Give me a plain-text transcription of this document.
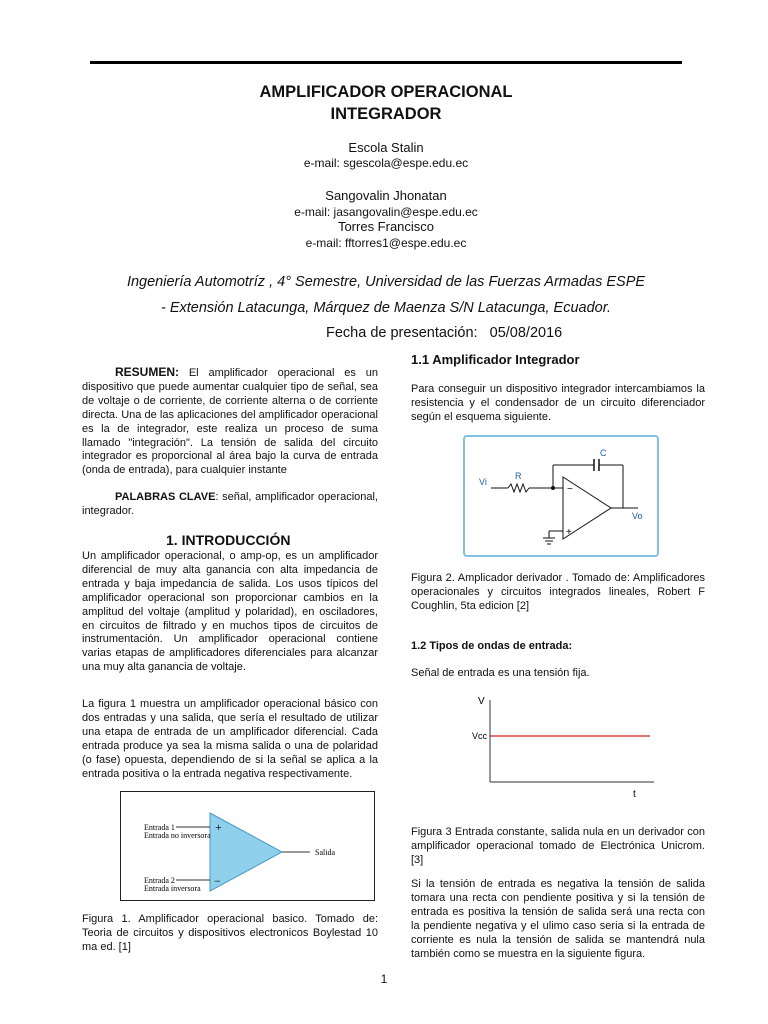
AMPLIFICADOR OPERACIONAL
INTEGRADOR
Escola Stalin
e-mail: sgescola@espe.edu.ec
Sangovalin Jhonatan
e-mail: jasangovalin@espe.edu.ec
Torres Francisco
e-mail: fftorres1@espe.edu.ec
Ingeniería Automotríz , 4° Semestre, Universidad de las Fuerzas Armadas ESPE
- Extensión Latacunga, Márquez de Maenza S/N Latacunga, Ecuador.
Fecha de presentación:   05/08/2016

RESUMEN: El amplificador operacional es un dispositivo que puede aumentar cualquier tipo de señal, sea de voltaje o de corriente, de corriente alterna o de corriente directa. Una de las aplicaciones del amplificador operacional es la de integrador, este realiza un proceso de suma llamado "integración". La tensión de salida del circuito integrador es proporcional al área bajo la curva de entrada (onda de entrada), para cualquier instante

PALABRAS CLAVE: señal, amplificador operacional, integrador.

1. INTRODUCCIÓN

Un amplificador operacional, o amp-op, es un amplificador diferencial de muy alta ganancia con alta impedancia de entrada y baja impedancia de salida. Los usos típicos del amplificador operacional son proporcionar cambios en la amplitud del voltaje (amplitud y polaridad), en osciladores, en circuitos de filtrado y en muchos tipos de circuitos de instrumentación. Un amplificador operacional contiene varias etapas de amplificadores diferenciales para alcanzar una muy alta ganancia de voltaje.

La figura 1 muestra un amplificador operacional básico con dos entradas y una salida, que sería el resultado de utilizar una etapa de entrada de un amplificador diferencial. Cada entrada produce ya sea la misma salida o una de polaridad (o fase) opuesta, dependiendo de si la señal se aplica a la entrada positiva o la entrada negativa respectivamente.

+
−
Entrada 1
Entrada no inversora
Entrada 2
Entrada inversora
Salida

Figura 1. Amplificador operacional basico. Tomado de: Teoria de circuitos y dispositivos electronicos Boylestad 10 ma ed. [1]

1.1 Amplificador Integrador

Para conseguir un dispositivo integrador intercambiamos la resistencia y el condensador de un circuito diferenciador según el esquema siguiente.

−
+
C
R
Vi
Vo

Figura 2. Amplicador derivador . Tomado de: Amplificadores operacionales y circuitos integrados lineales, Robert F Coughlin, 5ta edicion [2]

1.2 Tipos de ondas de entrada:

Señal de entrada es una tensión fija.

V
Vcc
t

Figura 3 Entrada constante, salida nula en un derivador con amplificador operacional tomado de Electrónica Unicrom. [3]

Si la tensión de entrada es negativa la tensión de salida tomara una recta con pendiente positiva y si la tensión de entrada es positiva la tensión de salida será una recta con la pendiente negativa y el ulimo caso seria si la entrada de corriente es nula la tensión de salida se mantendrá nula también como se muestra en la siguiente figura.

1
